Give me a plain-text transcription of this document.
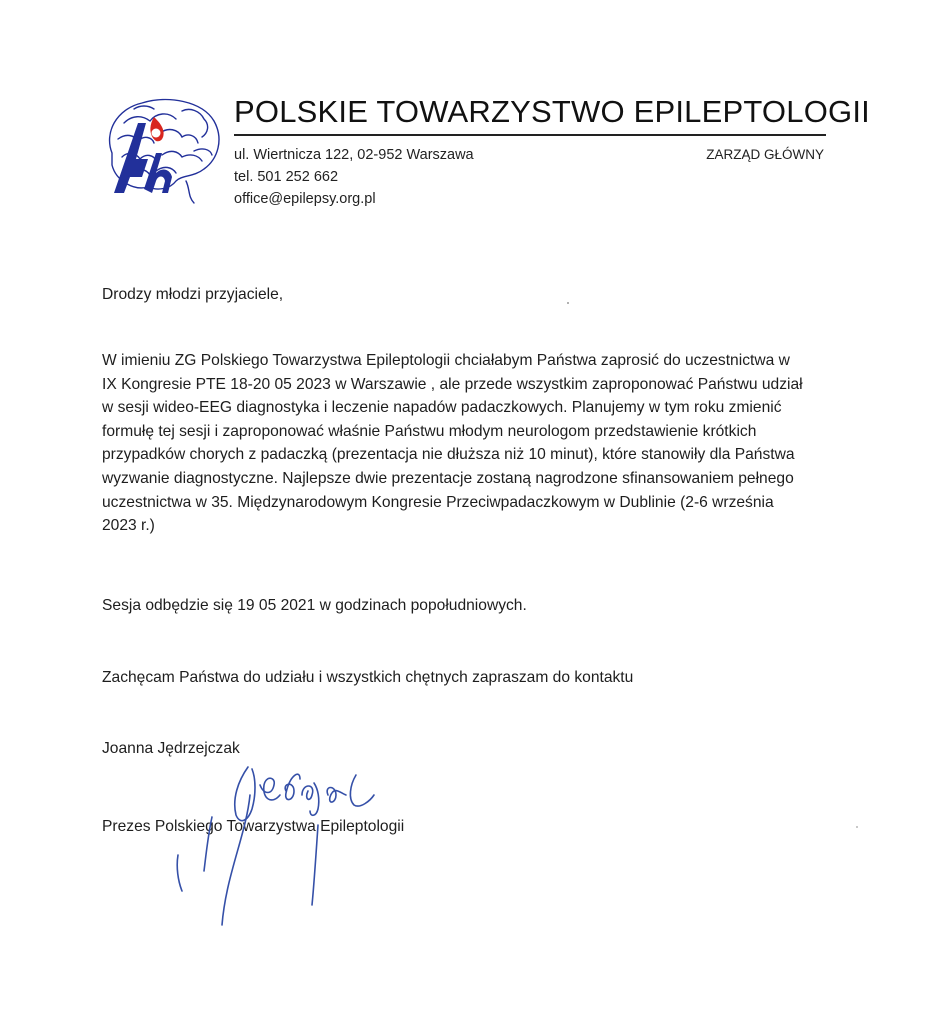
POLSKIE TOWARZYSTWO EPILEPTOLOGII
ul. Wiertnicza 122, 02-952 Warszawa
tel. 501 252 662
office@epilepsy.org.pl
ZARZĄD GŁÓWNY
Drodzy młodzi przyjaciele,
W imieniu ZG Polskiego Towarzystwa Epileptologii chciałabym Państwa zaprosić do uczestnictwa w
IX Kongresie PTE 18-20 05 2023 w Warszawie , ale przede wszystkim zaproponować Państwu udział
w sesji wideo-EEG diagnostyka i leczenie napadów padaczkowych. Planujemy w tym roku zmienić
formułę tej sesji i zaproponować właśnie Państwu młodym neurologom przedstawienie krótkich
przypadków chorych z padaczką (prezentacja nie dłuższa niż 10 minut), które stanowiły dla Państwa
wyzwanie diagnostyczne. Najlepsze dwie prezentacje zostaną nagrodzone sfinansowaniem pełnego
uczestnictwa w 35. Międzynarodowym Kongresie Przeciwpadaczkowym w Dublinie (2-6 września
2023 r.)
Sesja odbędzie się 19 05 2021 w godzinach popołudniowych.
Zachęcam Państwa do udziału i wszystkich chętnych zapraszam do kontaktu
Joanna Jędrzejczak
Prezes Polskiego Towarzystwa Epileptologii
